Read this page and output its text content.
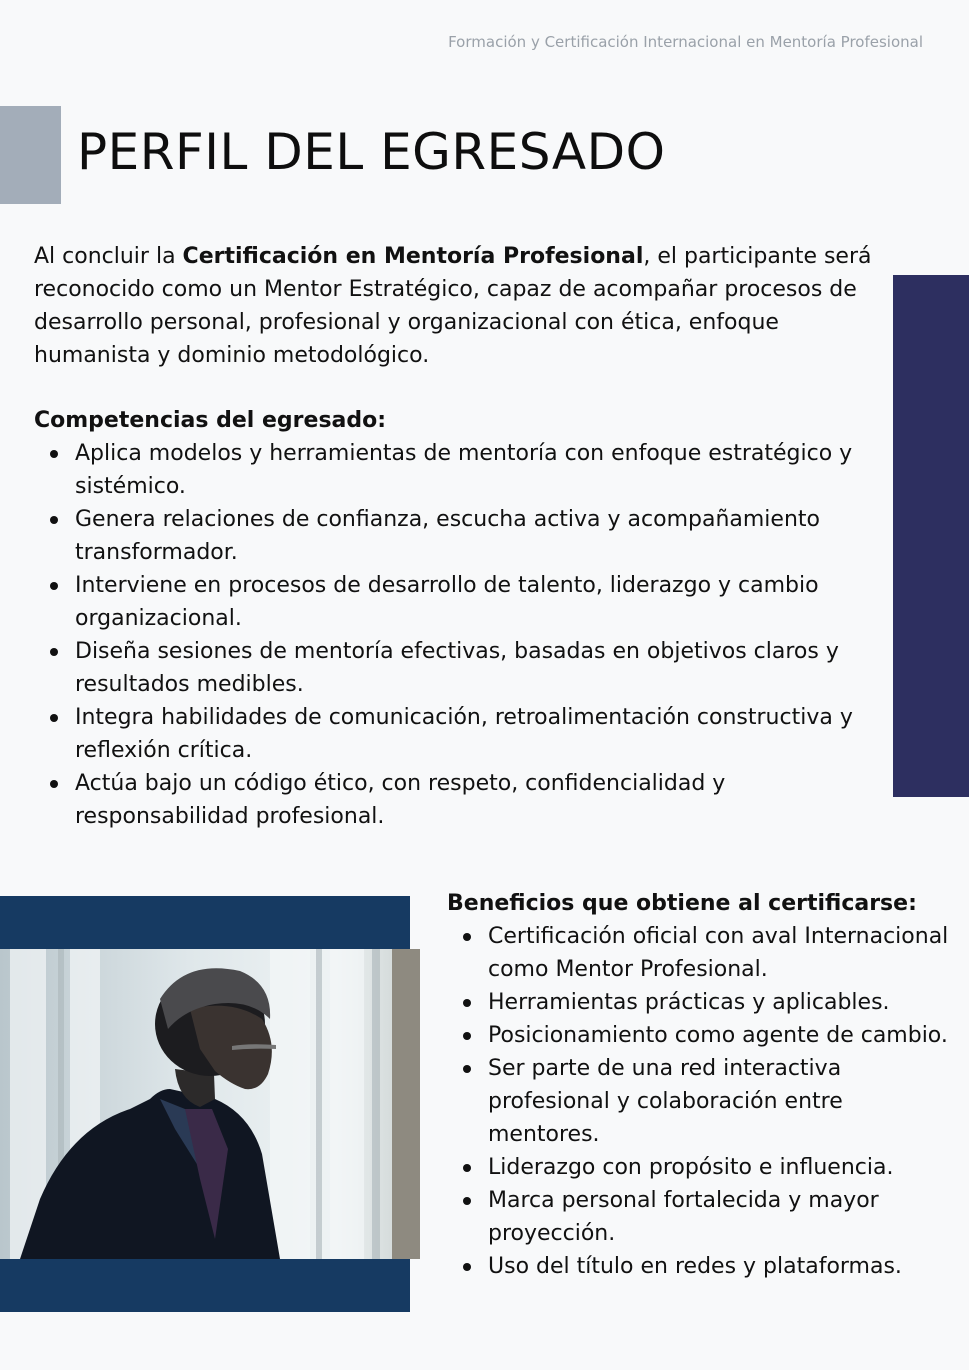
Formación y Certificación Internacional en Mentoría Profesional
PERFIL DEL EGRESADO

Al concluir la Certificación en Mentoría Profesional, el participante será reconocido como un Mentor Estratégico, capaz de acompañar procesos de desarrollo personal, profesional y organizacional con ética, enfoque humanista y dominio metodológico.

Competencias del egresado:
Aplica modelos y herramientas de mentoría con enfoque estratégico y sistémico.
Genera relaciones de confianza, escucha activa y acompañamiento transformador.
Interviene en procesos de desarrollo de talento, liderazgo y cambio organizacional.
Diseña sesiones de mentoría efectivas, basadas en objetivos claros y resultados medibles.
Integra habilidades de comunicación, retroalimentación constructiva y reflexión crítica.
Actúa bajo un código ético, con respeto, confidencialidad y responsabilidad profesional.
Beneficios que obtiene al certificarse:
Certificación oficial con aval Internacional como Mentor Profesional.
Herramientas prácticas y aplicables.
Posicionamiento como agente de cambio.
Ser parte de una red interactiva profesional y colaboración entre mentores.
Liderazgo con propósito e influencia.
Marca personal fortalecida y mayor proyección.
Uso del título en redes y plataformas.
